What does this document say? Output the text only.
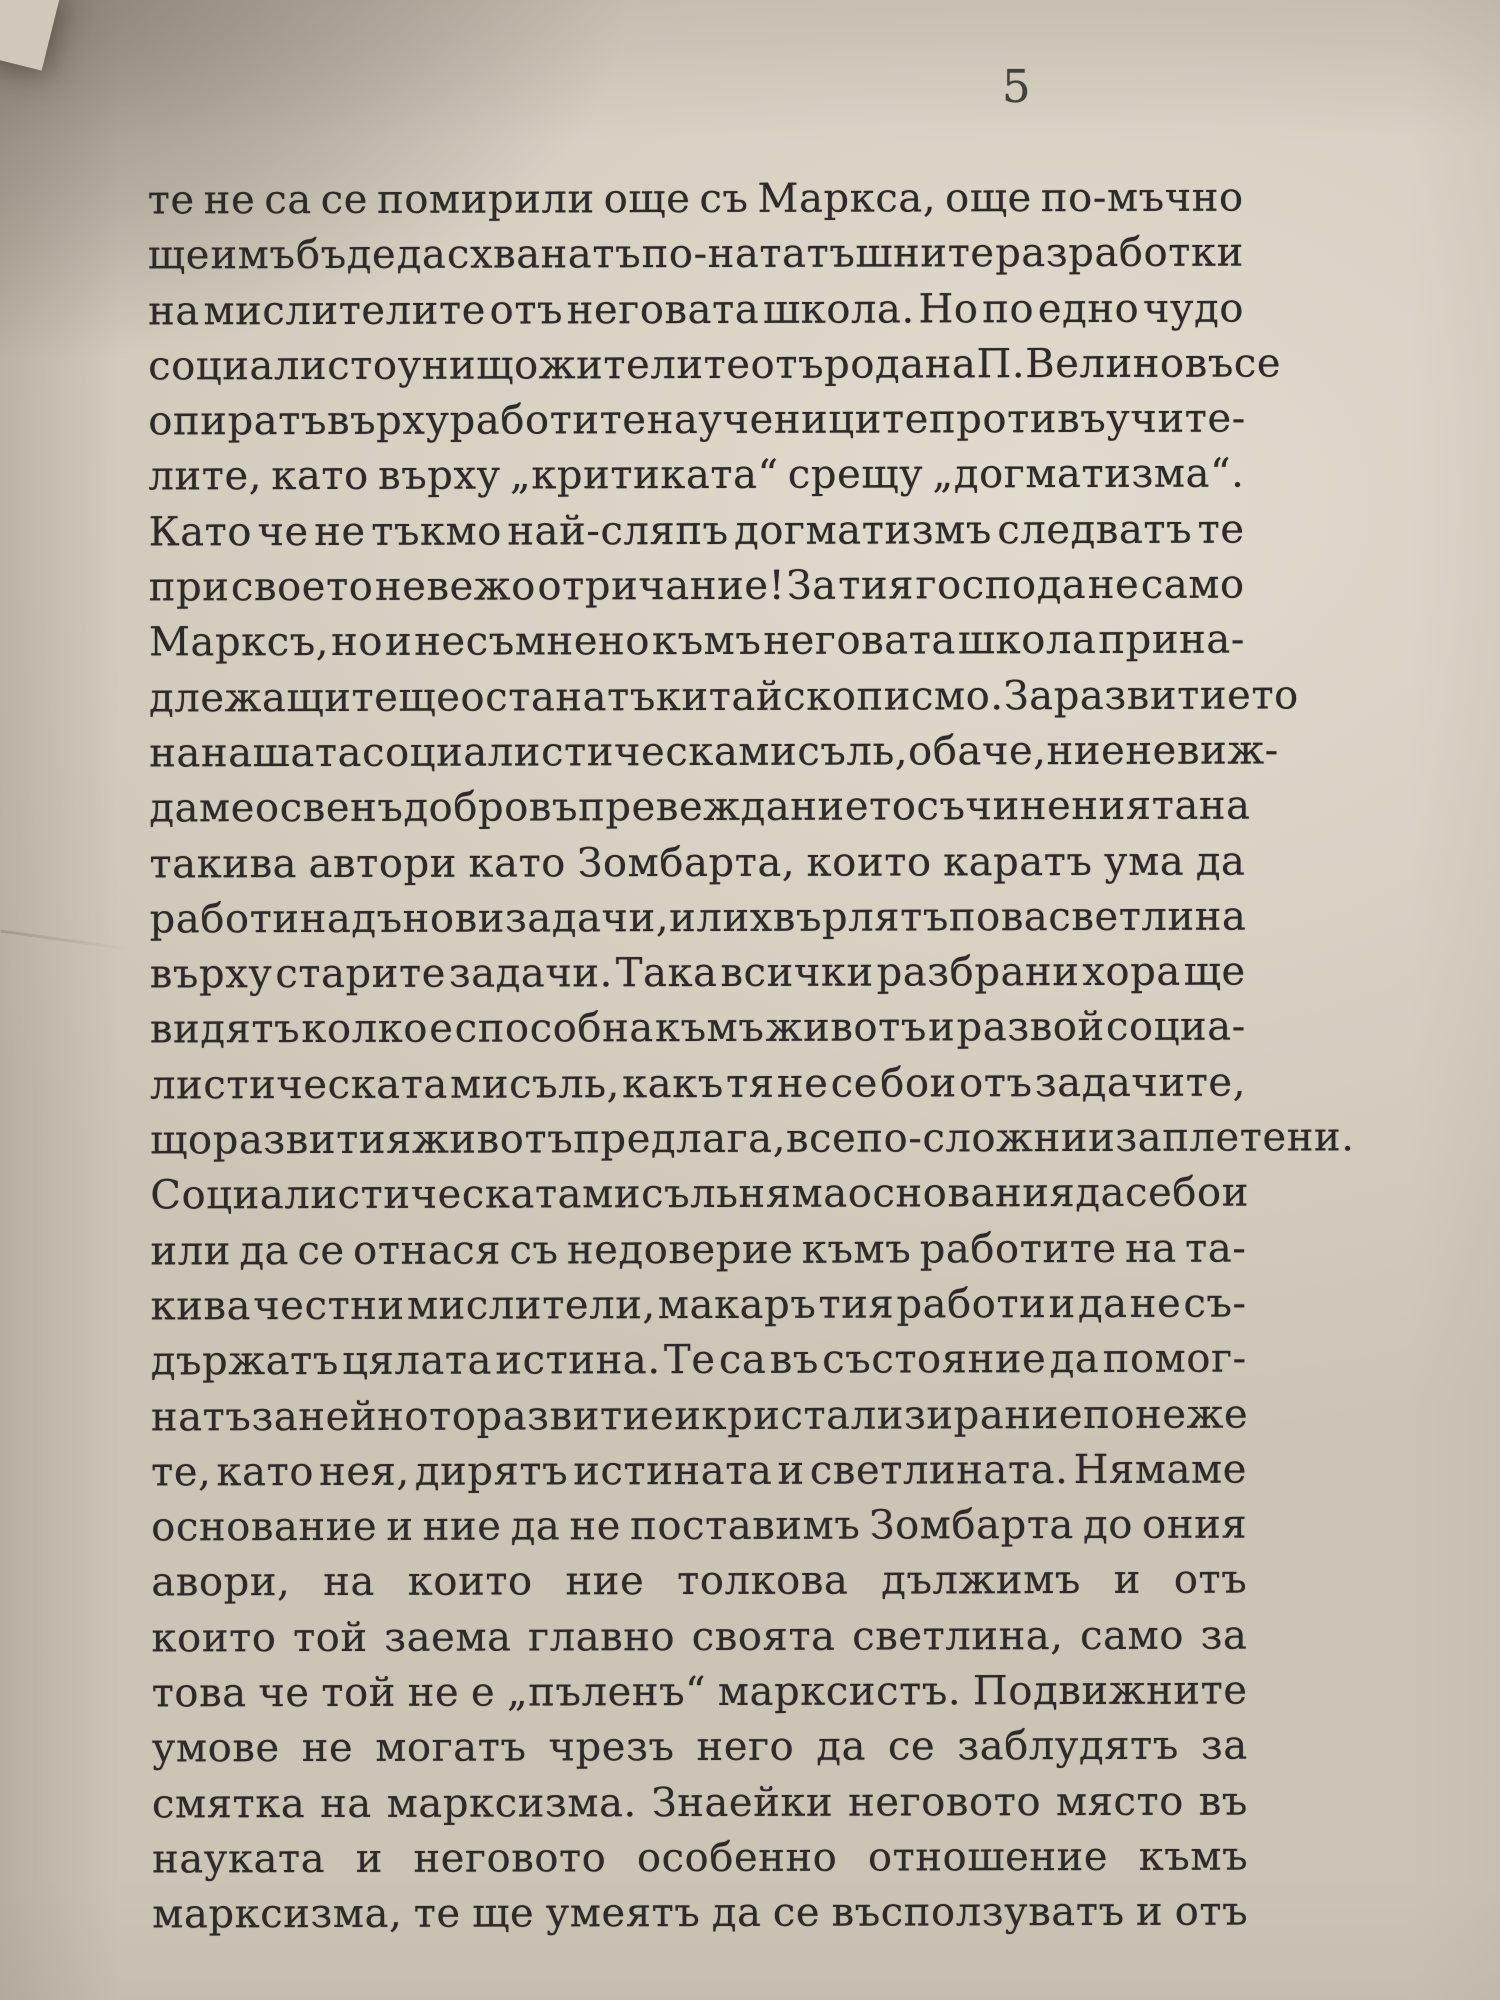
5
те не са се помирили още съ Маркса, още по-мъчно
ще имъ бъде да схванатъ по-нататъшните разработки
на мислителите отъ неговата школа. Но по едно чудо
социалистоунищожителите отъ рода на П. Велиновъ се
опиратъ върху работите на учениците противъ учите-
лите, като върху „критиката“ срещу „догматизма“.
Като че не тъкмо най-сляпъ догматизмъ следватъ те
при своето невежо отричание! За тия господа не само
Марксъ, но и несъмнено къмъ неговата школа прина-
длежащите ще останатъ китайско писмо. За развитието
на нашата социалистическа мисъль, обаче, ние не виж-
даме освенъ добро въ превежданието съчиненията на
такива автори като Зомбарта, които каратъ ума да
работи надъ нови задачи, или хвърлятъ пова светлина
върху старите задачи. Така всички разбрани хора ще
видятъ колко е способна къмъ животъ и развой социа-
листическата мисъль, какъ тя не се бои отъ задачите,
що развития животъ предлага, все по-сложни и заплетени.
Социалистическата мисъль няма основания да се бои
или да се отнася съ недоверие къмъ работите на та-
кива честни мислители, макаръ тия работи и да не съ-
държатъ цялата истина. Те са въ състояние да помог-
натъ за нейното развитие и кристализирание понеже
те, като нея, дирятъ истината и светлината. Нямаме
основание и ние да не поставимъ Зомбарта до ония
авори, на които ние толкова дължимъ и отъ
които той заема главно своята светлина, само за
това че той не е „пъленъ“ марксистъ. Подвижните
умове не могатъ чрезъ него да се заблудятъ за
смятка на марксизма. Знаейки неговото място въ
науката и неговото особенно отношение къмъ
марксизма, те ще умеятъ да се въсползуватъ и отъ
